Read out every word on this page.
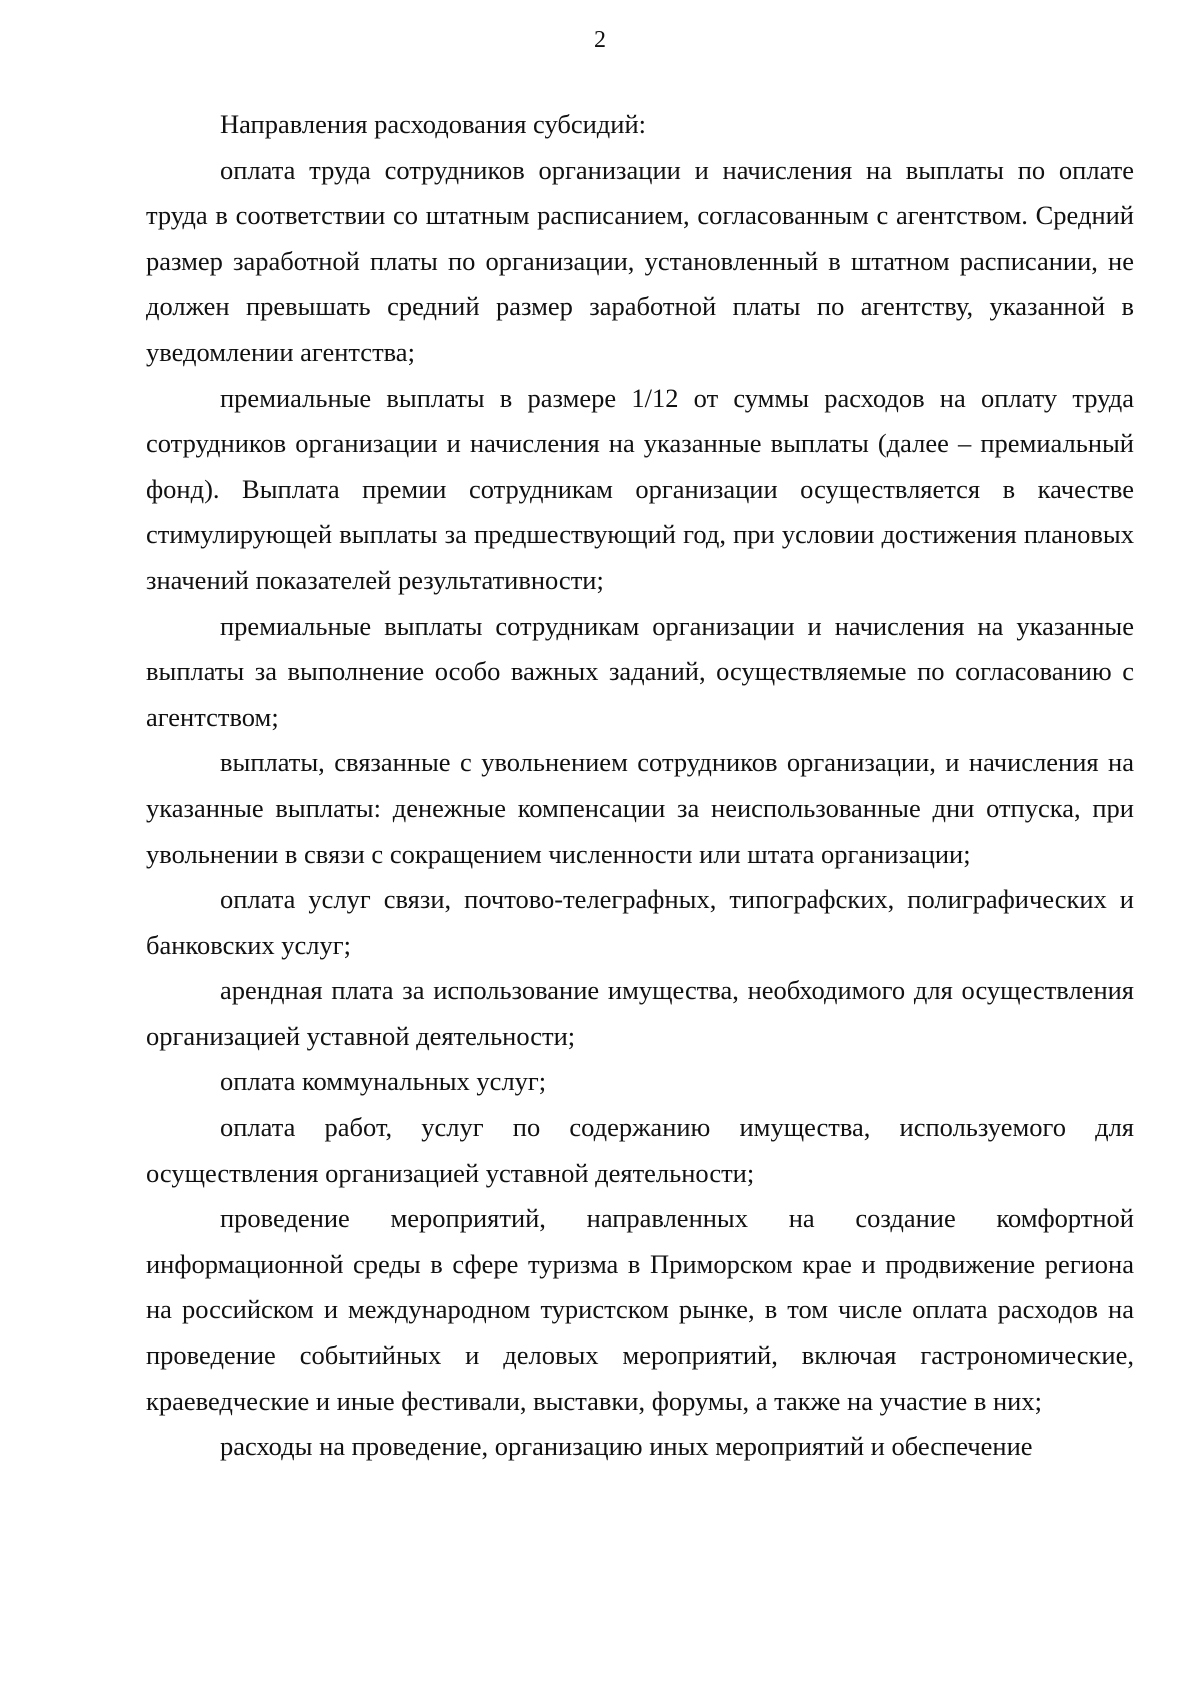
2

Направления расходования субсидий:

оплата труда сотрудников организации и начисления на выплаты по оплате труда в соответствии со штатным расписанием, согласованным с агентством. Средний размер заработной платы по организации, установленный в штатном расписании, не должен превышать средний размер заработной платы по агентству, указанной в уведомлении агентства;

премиальные выплаты в размере 1/12 от суммы расходов на оплату труда сотрудников организации и начисления на указанные выплаты (далее – премиальный фонд). Выплата премии сотрудникам организации осуществляется в качестве стимулирующей выплаты за предшествующий год, при условии достижения плановых значений показателей результативности;

премиальные выплаты сотрудникам организации и начисления на указанные выплаты за выполнение особо важных заданий, осуществляемые по согласованию с агентством;

выплаты, связанные с увольнением сотрудников организации, и начисления на указанные выплаты: денежные компенсации за неиспользованные дни отпуска, при увольнении в связи с сокращением численности или штата организации;

оплата услуг связи, почтово-телеграфных, типографских, полиграфических и банковских услуг;

арендная плата за использование имущества, необходимого для осуществления организацией уставной деятельности;

оплата коммунальных услуг;

оплата работ, услуг по содержанию имущества, используемого для осуществления организацией уставной деятельности;

проведение мероприятий, направленных на создание комфортной информационной среды в сфере туризма в Приморском крае и продвижение региона на российском и международном туристском рынке, в том числе оплата расходов на проведение событийных и деловых мероприятий, включая гастрономические, краеведческие и иные фестивали, выставки, форумы, а также на участие в них;

расходы на проведение, организацию иных мероприятий и обеспечение
